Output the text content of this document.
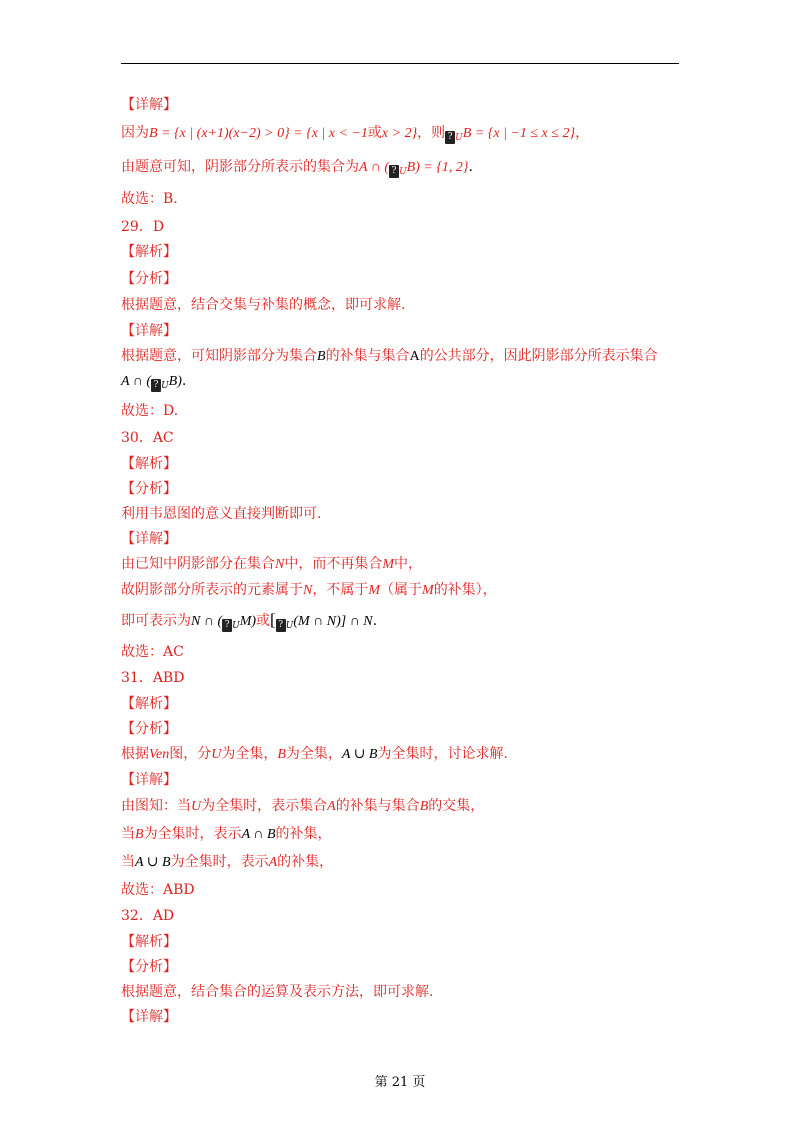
【详解】
因为B = {x | (x+1)(x−2) > 0} = {x | x < −1或x > 2}，则 ? $_U$B = {x | −1 ≤ x ≤ 2}，
由题意可知，阴影部分所表示的集合为A ∩ ( ? $_U$B) = {1, 2}.
故选：B.
29．D
【解析】
【分析】
根据题意，结合交集与补集的概念，即可求解.
【详解】
根据题意，可知阴影部分为集合B的补集与集合A的公共部分，因此阴影部分所表示集合
A ∩ ( ? $_U$B).
故选：D.
30．AC
【解析】
【分析】
利用韦恩图的意义直接判断即可.
【详解】
由已知中阴影部分在集合N中，而不再集合M中，
故阴影部分所表示的元素属于N，不属于M（属于M的补集），
即可表示为N ∩ ( ? $_U$M)或[ ? $_U$(M ∩ N)] ∩ N.
故选：AC
31．ABD
【解析】
【分析】
根据Ven图，分U为全集，B为全集，A ∪ B为全集时，讨论求解.
【详解】
由图知：当U为全集时，表示集合A的补集与集合B的交集，
当B为全集时，表示A ∩ B的补集，
当A ∪ B为全集时，表示A的补集，
故选：ABD
32．AD
【解析】
【分析】
根据题意，结合集合的运算及表示方法，即可求解.
【详解】
第 21 页
